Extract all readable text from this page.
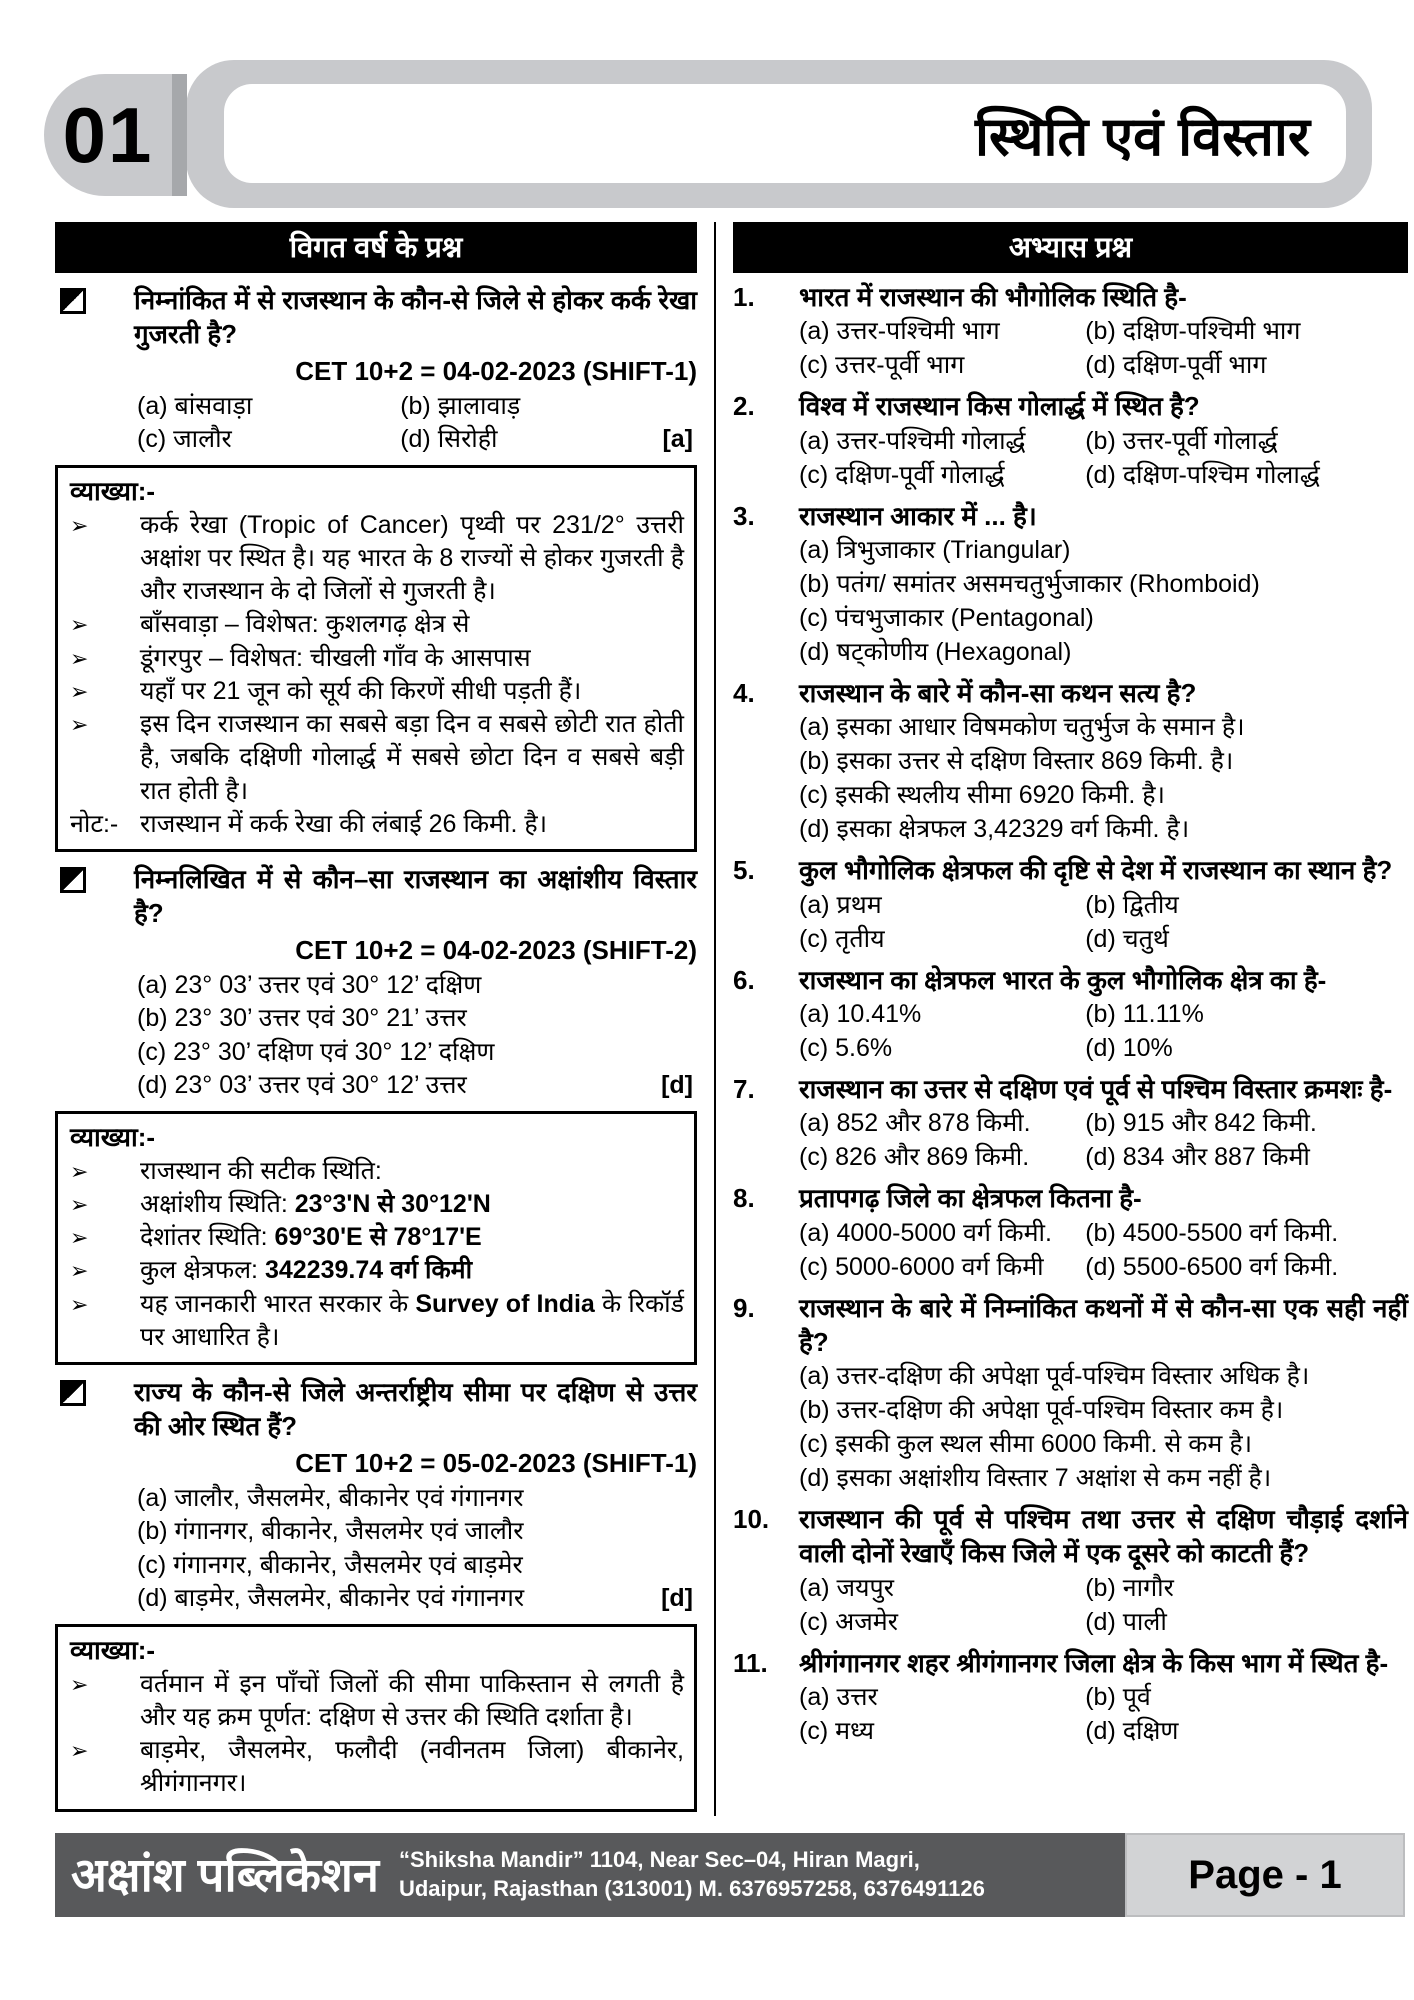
स्थिति एवं विस्तार
01
विगत वर्ष के प्रश्न
निम्नांकित में से राजस्थान के कौन-से जिले से होकर कर्क रेखा गुजरती है?
CET 10+2 = 04-02-2023 (SHIFT-1)
(a) बांसवाड़ा	(b) झालावाड़
(c) जालौर	(d) सिरोही	[a]
व्याख्या:-
➢	कर्क रेखा (Tropic of Cancer) पृथ्वी पर 231/2° उत्तरी अक्षांश पर स्थित है। यह भारत के 8 राज्यों से होकर गुजरती है और राजस्थान के दो जिलों से गुजरती है।
➢	बाँसवाड़ा – विशेषत: कुशलगढ़ क्षेत्र से
➢	डूंगरपुर – विशेषत: चीखली गाँव के आसपास
➢	यहाँ पर 21 जून को सूर्य की किरणें सीधी पड़ती हैं।
➢	इस दिन राजस्थान का सबसे बड़ा दिन व सबसे छोटी रात होती है, जबकि दक्षिणी गोलार्द्ध में सबसे छोटा दिन व सबसे बड़ी रात होती है।
नोट:- राजस्थान में कर्क रेखा की लंबाई 26 किमी. है।
निम्नलिखित में से कौन–सा राजस्थान का अक्षांशीय विस्तार है?
CET 10+2 = 04-02-2023 (SHIFT-2)
(a) 23° 03’ उत्तर एवं 30° 12’ दक्षिण
(b) 23° 30’ उत्तर एवं 30° 21’ उत्तर
(c) 23° 30’ दक्षिण एवं 30° 12’ दक्षिण
(d) 23° 03’ उत्तर एवं 30° 12’ उत्तर	[d]
व्याख्या:-
➢	राजस्थान की सटीक स्थिति:
➢	अक्षांशीय स्थिति: 23°3'N से 30°12'N
➢	देशांतर स्थिति: 69°30'E से 78°17'E
➢	कुल क्षेत्रफल: 342239.74 वर्ग किमी
➢	यह जानकारी भारत सरकार के Survey of India के रिकॉर्ड पर आधारित है।
राज्य के कौन-से जिले अन्तर्राष्ट्रीय सीमा पर दक्षिण से उत्तर की ओर स्थित हैं?
CET 10+2 = 05-02-2023 (SHIFT-1)
(a) जालौर, जैसलमेर, बीकानेर एवं गंगानगर
(b) गंगानगर, बीकानेर, जैसलमेर एवं जालौर
(c) गंगानगर, बीकानेर, जैसलमेर एवं बाड़मेर
(d) बाड़मेर, जैसलमेर, बीकानेर एवं गंगानगर	[d]
व्याख्या:-
➢	वर्तमान में इन पाँचों जिलों की सीमा पाकिस्तान से लगती है और यह क्रम पूर्णत: दक्षिण से उत्तर की स्थिति दर्शाता है।
➢	बाड़मेर, जैसलमेर, फलौदी (नवीनतम जिला) बीकानेर, श्रीगंगानगर।
अभ्यास प्रश्न
1.	भारत में राजस्थान की भौगोलिक स्थिति है-
(a) उत्तर-पश्चिमी भाग	(b) दक्षिण-पश्चिमी भाग
(c) उत्तर-पूर्वी भाग	(d) दक्षिण-पूर्वी भाग
2.	विश्व में राजस्थान किस गोलार्द्ध में स्थित है?
(a) उत्तर-पश्चिमी गोलार्द्ध	(b) उत्तर-पूर्वी गोलार्द्ध
(c) दक्षिण-पूर्वी गोलार्द्ध	(d) दक्षिण-पश्चिम गोलार्द्ध
3.	राजस्थान आकार में ... है।
(a) त्रिभुजाकार (Triangular)
(b) पतंग/ समांतर असमचतुर्भुजाकार (Rhomboid)
(c) पंचभुजाकार (Pentagonal)
(d) षट्कोणीय (Hexagonal)
4.	राजस्थान के बारे में कौन-सा कथन सत्य है?
(a) इसका आधार विषमकोण चतुर्भुज के समान है।
(b) इसका उत्तर से दक्षिण विस्तार 869 किमी. है।
(c) इसकी स्थलीय सीमा 6920 किमी. है।
(d) इसका क्षेत्रफल 3,42329 वर्ग किमी. है।
5.	कुल भौगोलिक क्षेत्रफल की दृष्टि से देश में राजस्थान का स्थान है?
(a) प्रथम	(b) द्वितीय
(c) तृतीय	(d) चतुर्थ
6.	राजस्थान का क्षेत्रफल भारत के कुल भौगोलिक क्षेत्र का है-
(a) 10.41%	(b) 11.11%
(c) 5.6%	(d) 10%
7.	राजस्थान का उत्तर से दक्षिण एवं पूर्व से पश्चिम विस्तार क्रमशः है-
(a) 852 और 878 किमी.	(b) 915 और 842 किमी.
(c) 826 और 869 किमी.	(d) 834 और 887 किमी
8.	प्रतापगढ़ जिले का क्षेत्रफल कितना है-
(a) 4000-5000 वर्ग किमी.	(b) 4500-5500 वर्ग किमी.
(c) 5000-6000 वर्ग किमी	(d) 5500-6500 वर्ग किमी.
9.	राजस्थान के बारे में निम्नांकित कथनों में से कौन-सा एक सही नहीं है?
(a) उत्तर-दक्षिण की अपेक्षा पूर्व-पश्चिम विस्तार अधिक है।
(b) उत्तर-दक्षिण की अपेक्षा पूर्व-पश्चिम विस्तार कम है।
(c) इसकी कुल स्थल सीमा 6000 किमी. से कम है।
(d) इसका अक्षांशीय विस्तार 7 अक्षांश से कम नहीं है।
10.	राजस्थान की पूर्व से पश्चिम तथा उत्तर से दक्षिण चौड़ाई दर्शाने वाली दोनों रेखाएँ किस जिले में एक दूसरे को काटती हैं?
(a) जयपुर	(b) नागौर
(c) अजमेर	(d) पाली
11.	श्रीगंगानगर शहर श्रीगंगानगर जिला क्षेत्र के किस भाग में स्थित है-
(a) उत्तर	(b) पूर्व
(c) मध्य	(d) दक्षिण
अक्षांश पब्लिकेशन “Shiksha Mandir” 1104, Near Sec–04, Hiran Magri,
Udaipur, Rajasthan (313001) M. 6376957258, 6376491126	Page - 1
